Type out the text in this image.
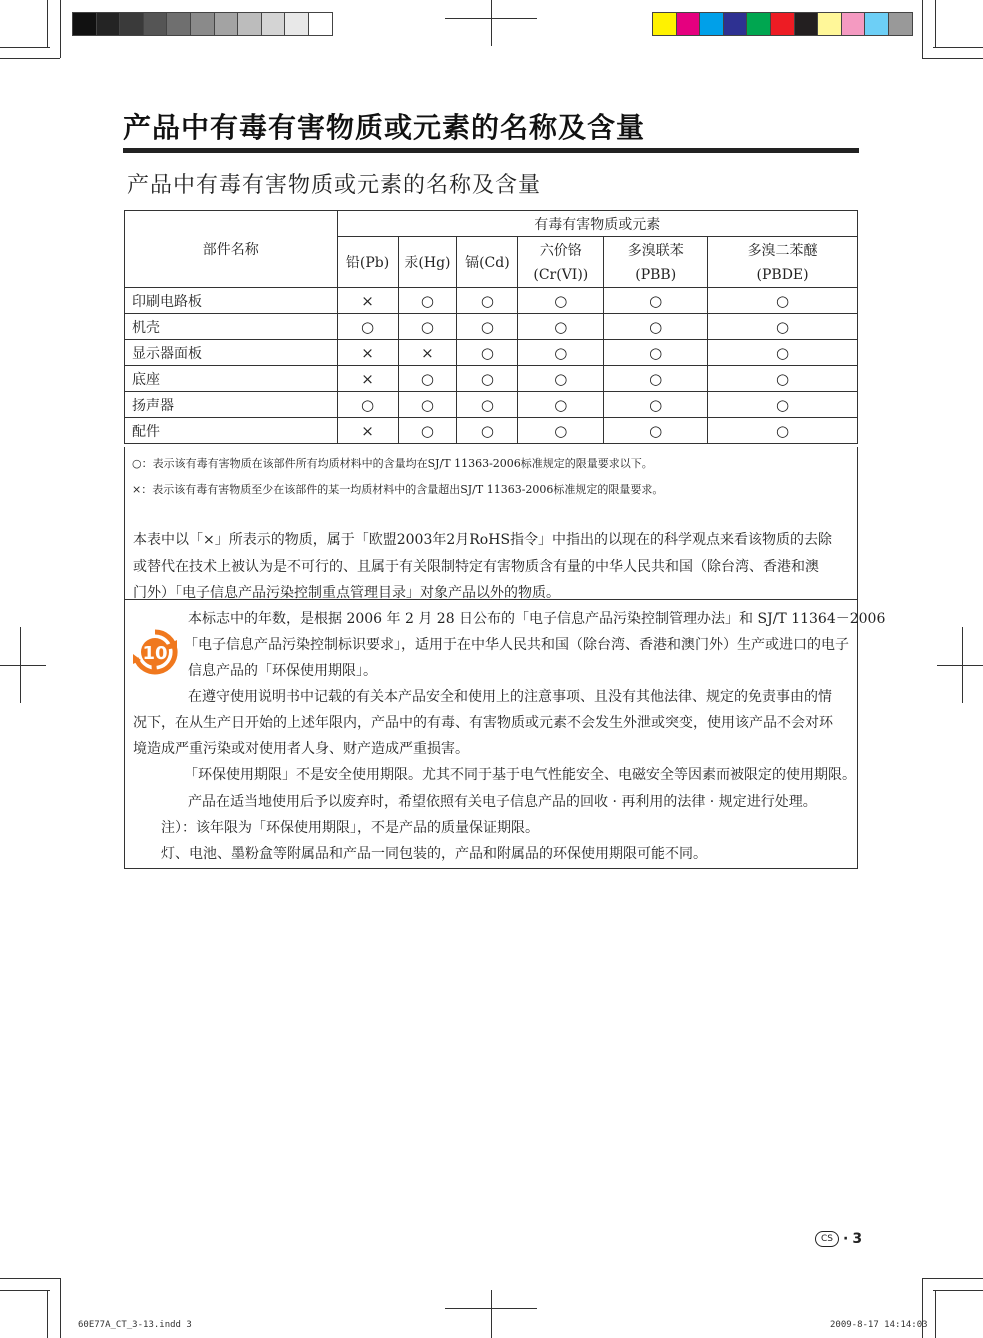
产品中有毒有害物质或元素的名称及含量
产品中有毒有害物质或元素的名称及含量
部件名称	有毒有害物质或元素					
	铅(Pb)	汞(Hg)	镉(Cd)	六价铬	多溴联苯	多溴二苯醚
				(Cr(VI))	(PBB)	(PBDE)
印刷电路板	×	○	○	○	○	○
机壳	○	○	○	○	○	○
显示器面板	×	×	○	○	○	○
底座	×	○	○	○	○	○
扬声器	○	○	○	○	○	○
配件	×	○	○	○	○	○
○：表示该有毒有害物质在该部件所有均质材料中的含量均在SJ/T 11363-2006标准规定的限量要求以下。
×：表示该有毒有害物质至少在该部件的某一均质材料中的含量超出SJ/T 11363-2006标准规定的限量要求。
本表中以「×」所表示的物质，属于「欧盟2003年2月RoHS指令」中指出的以现在的科学观点来看该物质的去除
或替代在技术上被认为是不可行的、且属于有关限制特定有害物质含有量的中华人民共和国（除台湾、香港和澳
门外）「电子信息产品污染控制重点管理目录」对象产品以外的物质。
10
本标志中的年数，是根据 2006 年 2 月 28 日公布的「电子信息产品污染控制管理办法」和 SJ/T 11364－2006
「电子信息产品污染控制标识要求」，适用于在中华人民共和国（除台湾、香港和澳门外）生产或进口的电子
信息产品的「环保使用期限」。
在遵守使用说明书中记载的有关本产品安全和使用上的注意事项、且没有其他法律、规定的免责事由的情
况下，在从生产日开始的上述年限内，产品中的有毒、有害物质或元素不会发生外泄或突变，使用该产品不会对环
境造成严重污染或对使用者人身、财产造成严重损害。
「环保使用期限」不是安全使用期限。尤其不同于基于电气性能安全、电磁安全等因素而被限定的使用期限。
产品在适当地使用后予以废弃时，希望依照有关电子信息产品的回收 · 再利用的法律 · 规定进行处理。
注）：该年限为「环保使用期限」，不是产品的质量保证期限。
灯、电池、墨粉盒等附属品和产品一同包装的，产品和附属品的环保使用期限可能不同。
CS · 3
60E77A_CT_3-13.indd 3	2009-8-17 14:14:03
